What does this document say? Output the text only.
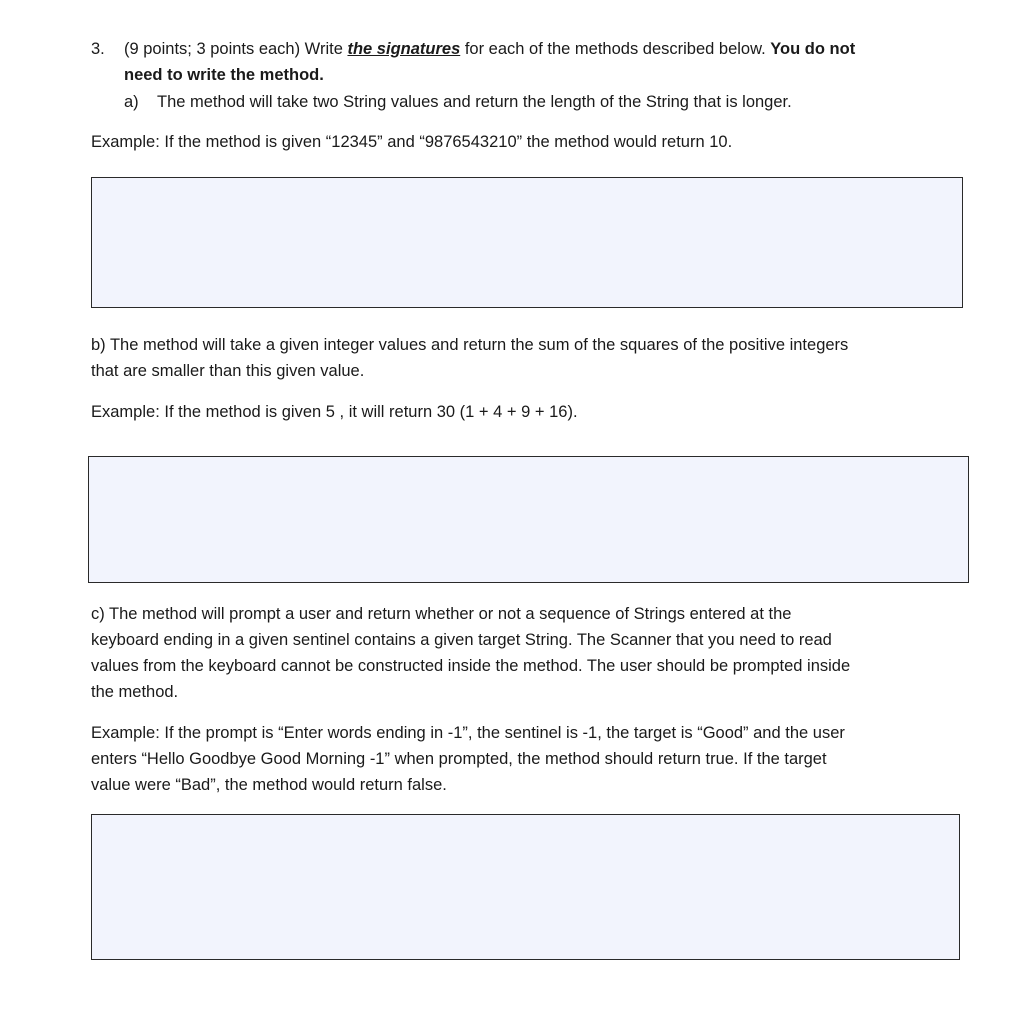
3. (9 points; 3 points each) Write the signatures for each of the methods described below. You do not
need to write the method.
a) The method will take two String values and return the length of the String that is longer.
Example: If the method is given “12345” and “9876543210” the method would return 10.
b) The method will take a given integer values and return the sum of the squares of the positive integers
that are smaller than this given value.
Example: If the method is given 5 , it will return 30 (1 + 4 + 9 + 16).
c) The method will prompt a user and return whether or not a sequence of Strings entered at the
keyboard ending in a given sentinel contains a given target String. The Scanner that you need to read
values from the keyboard cannot be constructed inside the method. The user should be prompted inside
the method.
Example: If the prompt is “Enter words ending in -1”, the sentinel is -1, the target is “Good” and the user
enters “Hello Goodbye Good Morning -1” when prompted, the method should return true. If the target
value were “Bad”, the method would return false.
